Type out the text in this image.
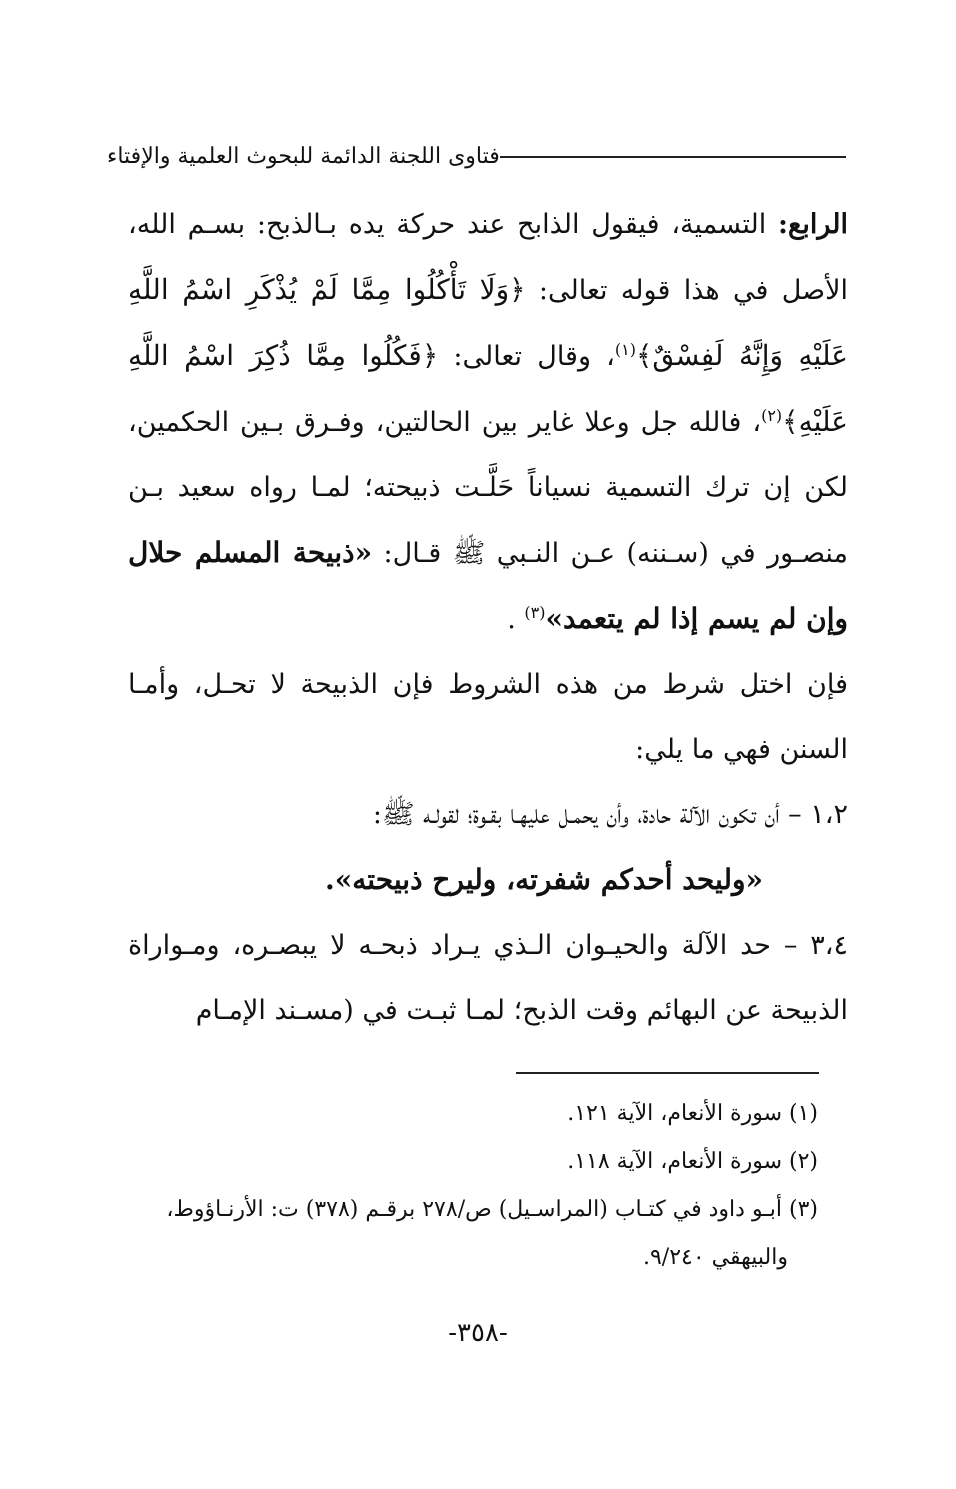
فتاوى اللجنة الدائمة للبحوث العلمية والإفتاء

الرابع: التسمية، فيقول الذابح عند حركة يده بـالذبح: بسـم الله، الأصل في هذا قوله تعالى: ﴿وَلَا تَأْكُلُوا مِمَّا لَمْ يُذْكَرِ اسْمُ اللَّهِ عَلَيْهِ وَإِنَّهُ لَفِسْقٌ﴾$^{(١)}$، وقال تعالى: ﴿فَكُلُوا مِمَّا ذُكِرَ اسْمُ اللَّهِ عَلَيْهِ﴾$^{(٢)}$، فالله جل وعلا غاير بين الحالتين، وفـرق بـين الحكمين، لكن إن ترك التسمية نسياناً حَلَّـت ذبيحته؛ لمـا رواه سعيد بـن منصـور في (سـننه) عـن النـبي ﷺ قـال: «ذبيحة المسلم حلال وإن لم يسم إذا لم يتعمد»$^{(٣)}$ .

فإن اختل شرط من هذه الشروط فإن الذبيحة لا تحـل، وأمـا السنن فهي ما يلي:

١،٢ – أن تكون الآلة حادة، وأن يحمـل عليهـا بقـوة؛ لقولـه ﷺ:

«وليحد أحدكم شفرته، وليرح ذبيحته».

٣،٤ – حد الآلة والحيـوان الـذي يـراد ذبحـه لا يبصـره، ومـواراة الذبيحة عن البهائم وقت الذبح؛ لمـا ثبـت في (مسـند الإمـام

(١) سورة الأنعام، الآية ١٢١.

(٢) سورة الأنعام، الآية ١١٨.

(٣) أبـو داود في كتـاب (المراسـيل) ص/٢٧٨ برقـم (٣٧٨) ت: الأرنـاؤوط،

والبيهقي ٩/٢٤٠.

-٣٥٨-
